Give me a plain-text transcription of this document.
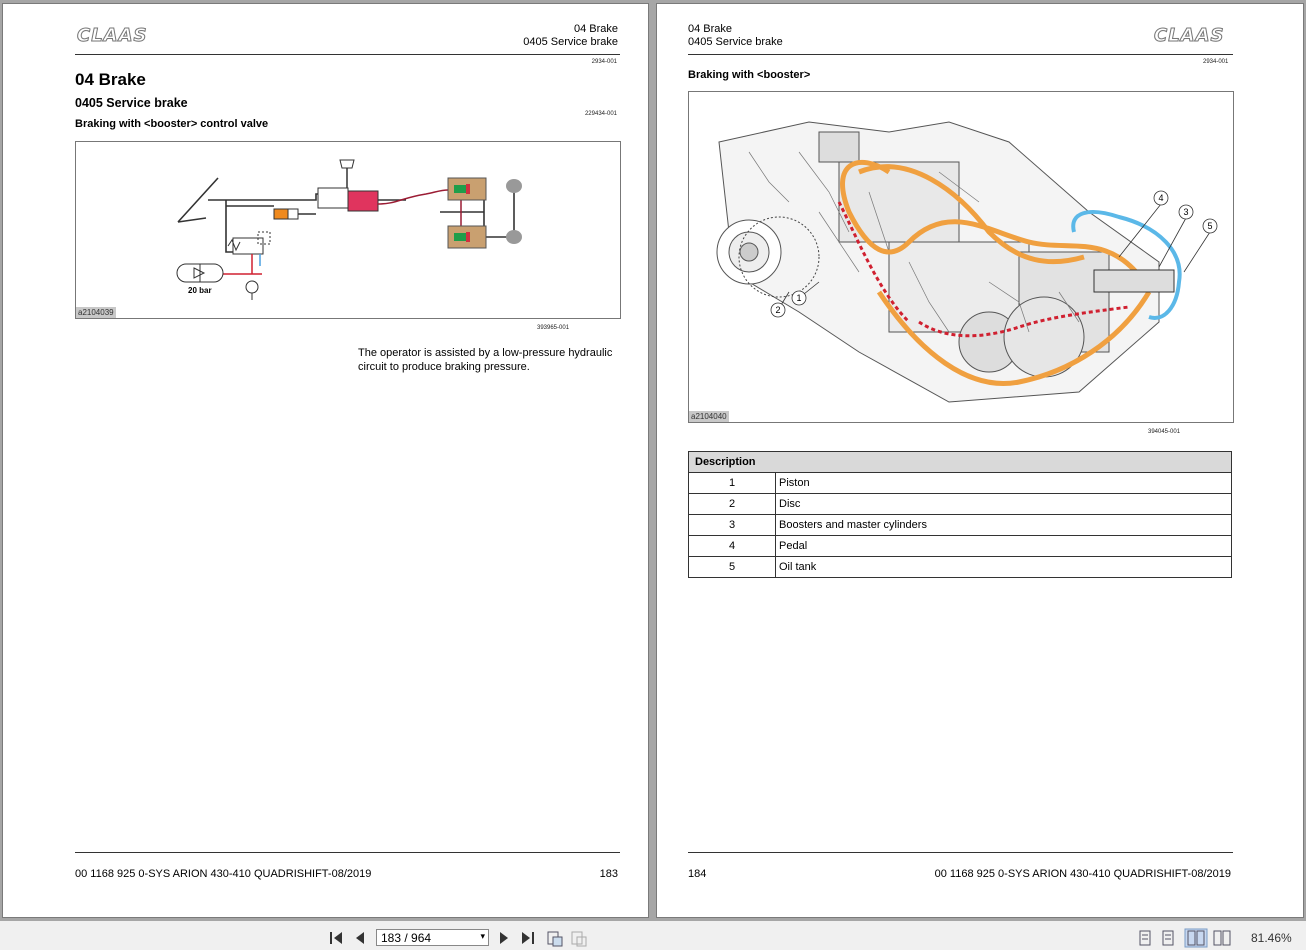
CLAAS	04 Brake
0405 Service brake
2934-001
04 Brake
0405 Service brake
229434-001
Braking with <booster> control valve
20 bar
a2104039
393965-001
The operator is assisted by a low-pressure hydraulic
circuit to produce braking pressure.
00 1168 925 0-SYS ARION 430-410 QUADRISHIFT-08/2019	183
04 Brake
0405 Service brake	CLAAS
2934-001
Braking with <booster>
1
2
3
4
5
a2104040
394045-001
Description	
1	Piston
2	Disc
3	Boosters and master cylinders
4	Pedal
5	Oil tank
184	00 1168 925 0-SYS ARION 430-410 QUADRISHIFT-08/2019
183 / 964	▾	81.46%
